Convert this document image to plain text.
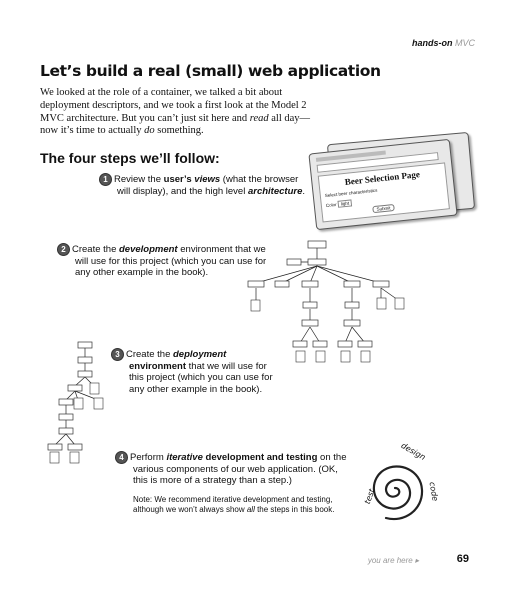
hands-on MVC
Let’s build a real (small) web application

We looked at the role of a container, we talked a bit about

deployment descriptors, and we took a first look at the Model 2

MVC architecture. But you can’t just sit here and read all day—

now it’s time to actually do something.

The four steps we’ll follow:
1 Review the user’s views (what the browser
will display), and the high level architecture.
Beer Selection Page
Select beer characteristics
Color light
Submit
2 Create the development environment that we
will use for this project (which you can use for
any other example in the book).
3 Create the deployment
environment that we will use for
this project (which you can use for
any other example in the book).
4 Perform iterative development and testing on the
various components of our web application. (OK,
this is more of a strategy than a step.)
Note: We recommend iterative development and testing,
although we won’t always show all the steps in this book.
design
code
test
you are here ▸	69
